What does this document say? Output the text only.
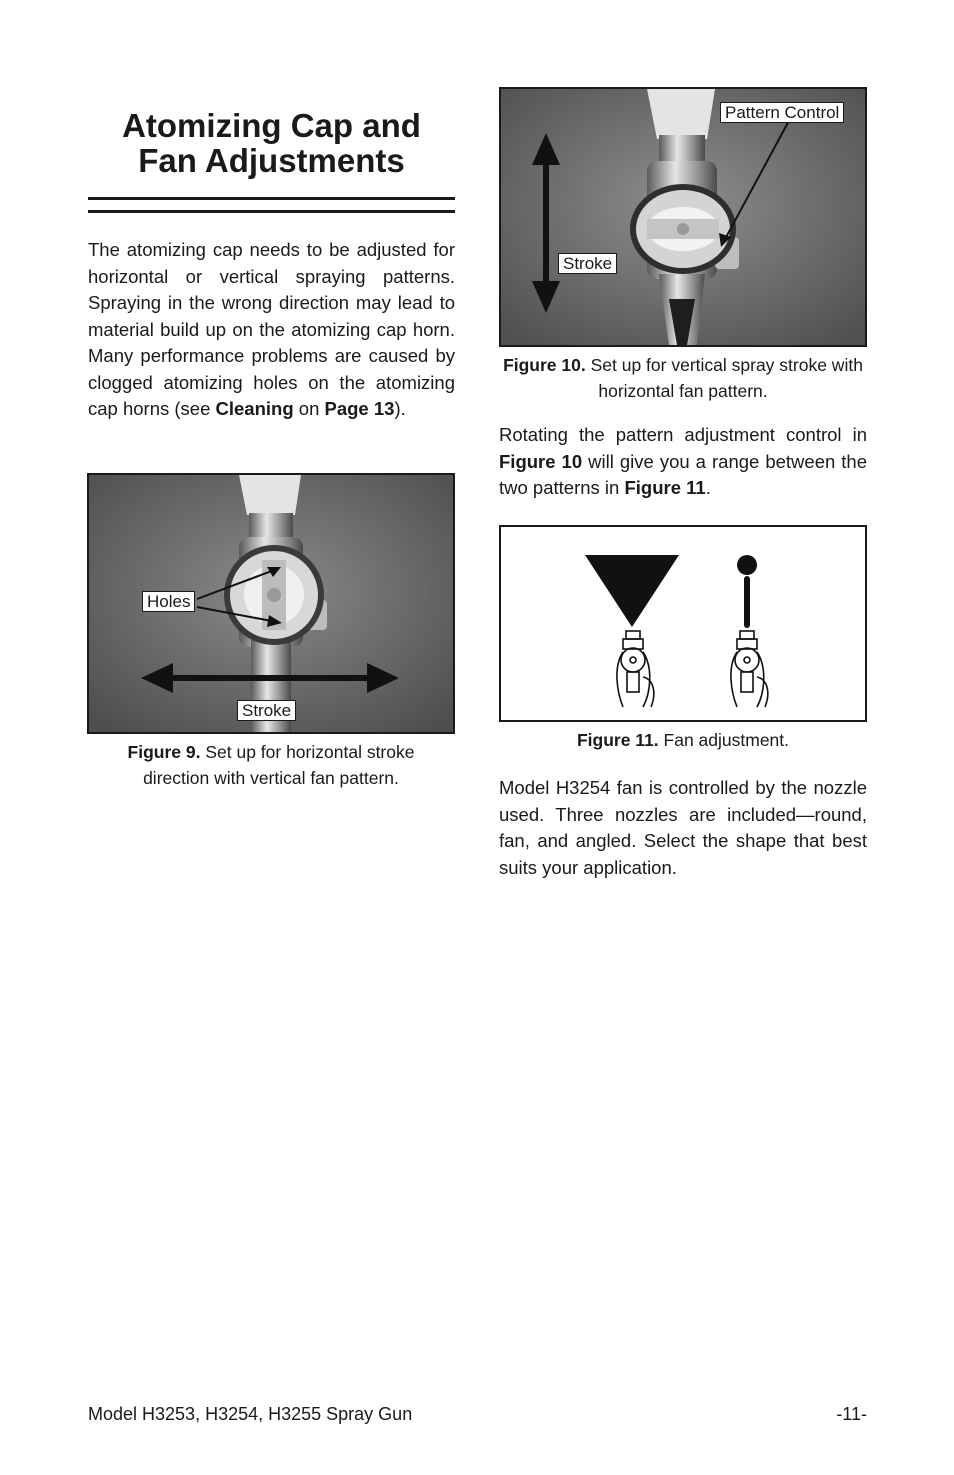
Atomizing Cap and
Fan Adjustments

The atomizing cap needs to be adjusted for horizontal or vertical spraying patterns. Spraying in the wrong direction may lead to material build up on the atomizing cap horn. Many performance problems are caused by clogged atomizing holes on the atomizing cap horns (see Cleaning on Page 13).

Holes
Stroke
Figure 9. Set up for horizontal stroke direction with vertical fan pattern.
Pattern Control
Stroke
Figure 10. Set up for vertical spray stroke with horizontal fan pattern.

Rotating the pattern adjustment control in Figure 10 will give you a range between the two patterns in Figure 11.

Figure 11. Fan adjustment.

Model H3254 fan is controlled by the nozzle used. Three nozzles are included—round, fan, and angled. Select the shape that best suits your application.

Model H3253, H3254, H3255 Spray Gun	-11-
